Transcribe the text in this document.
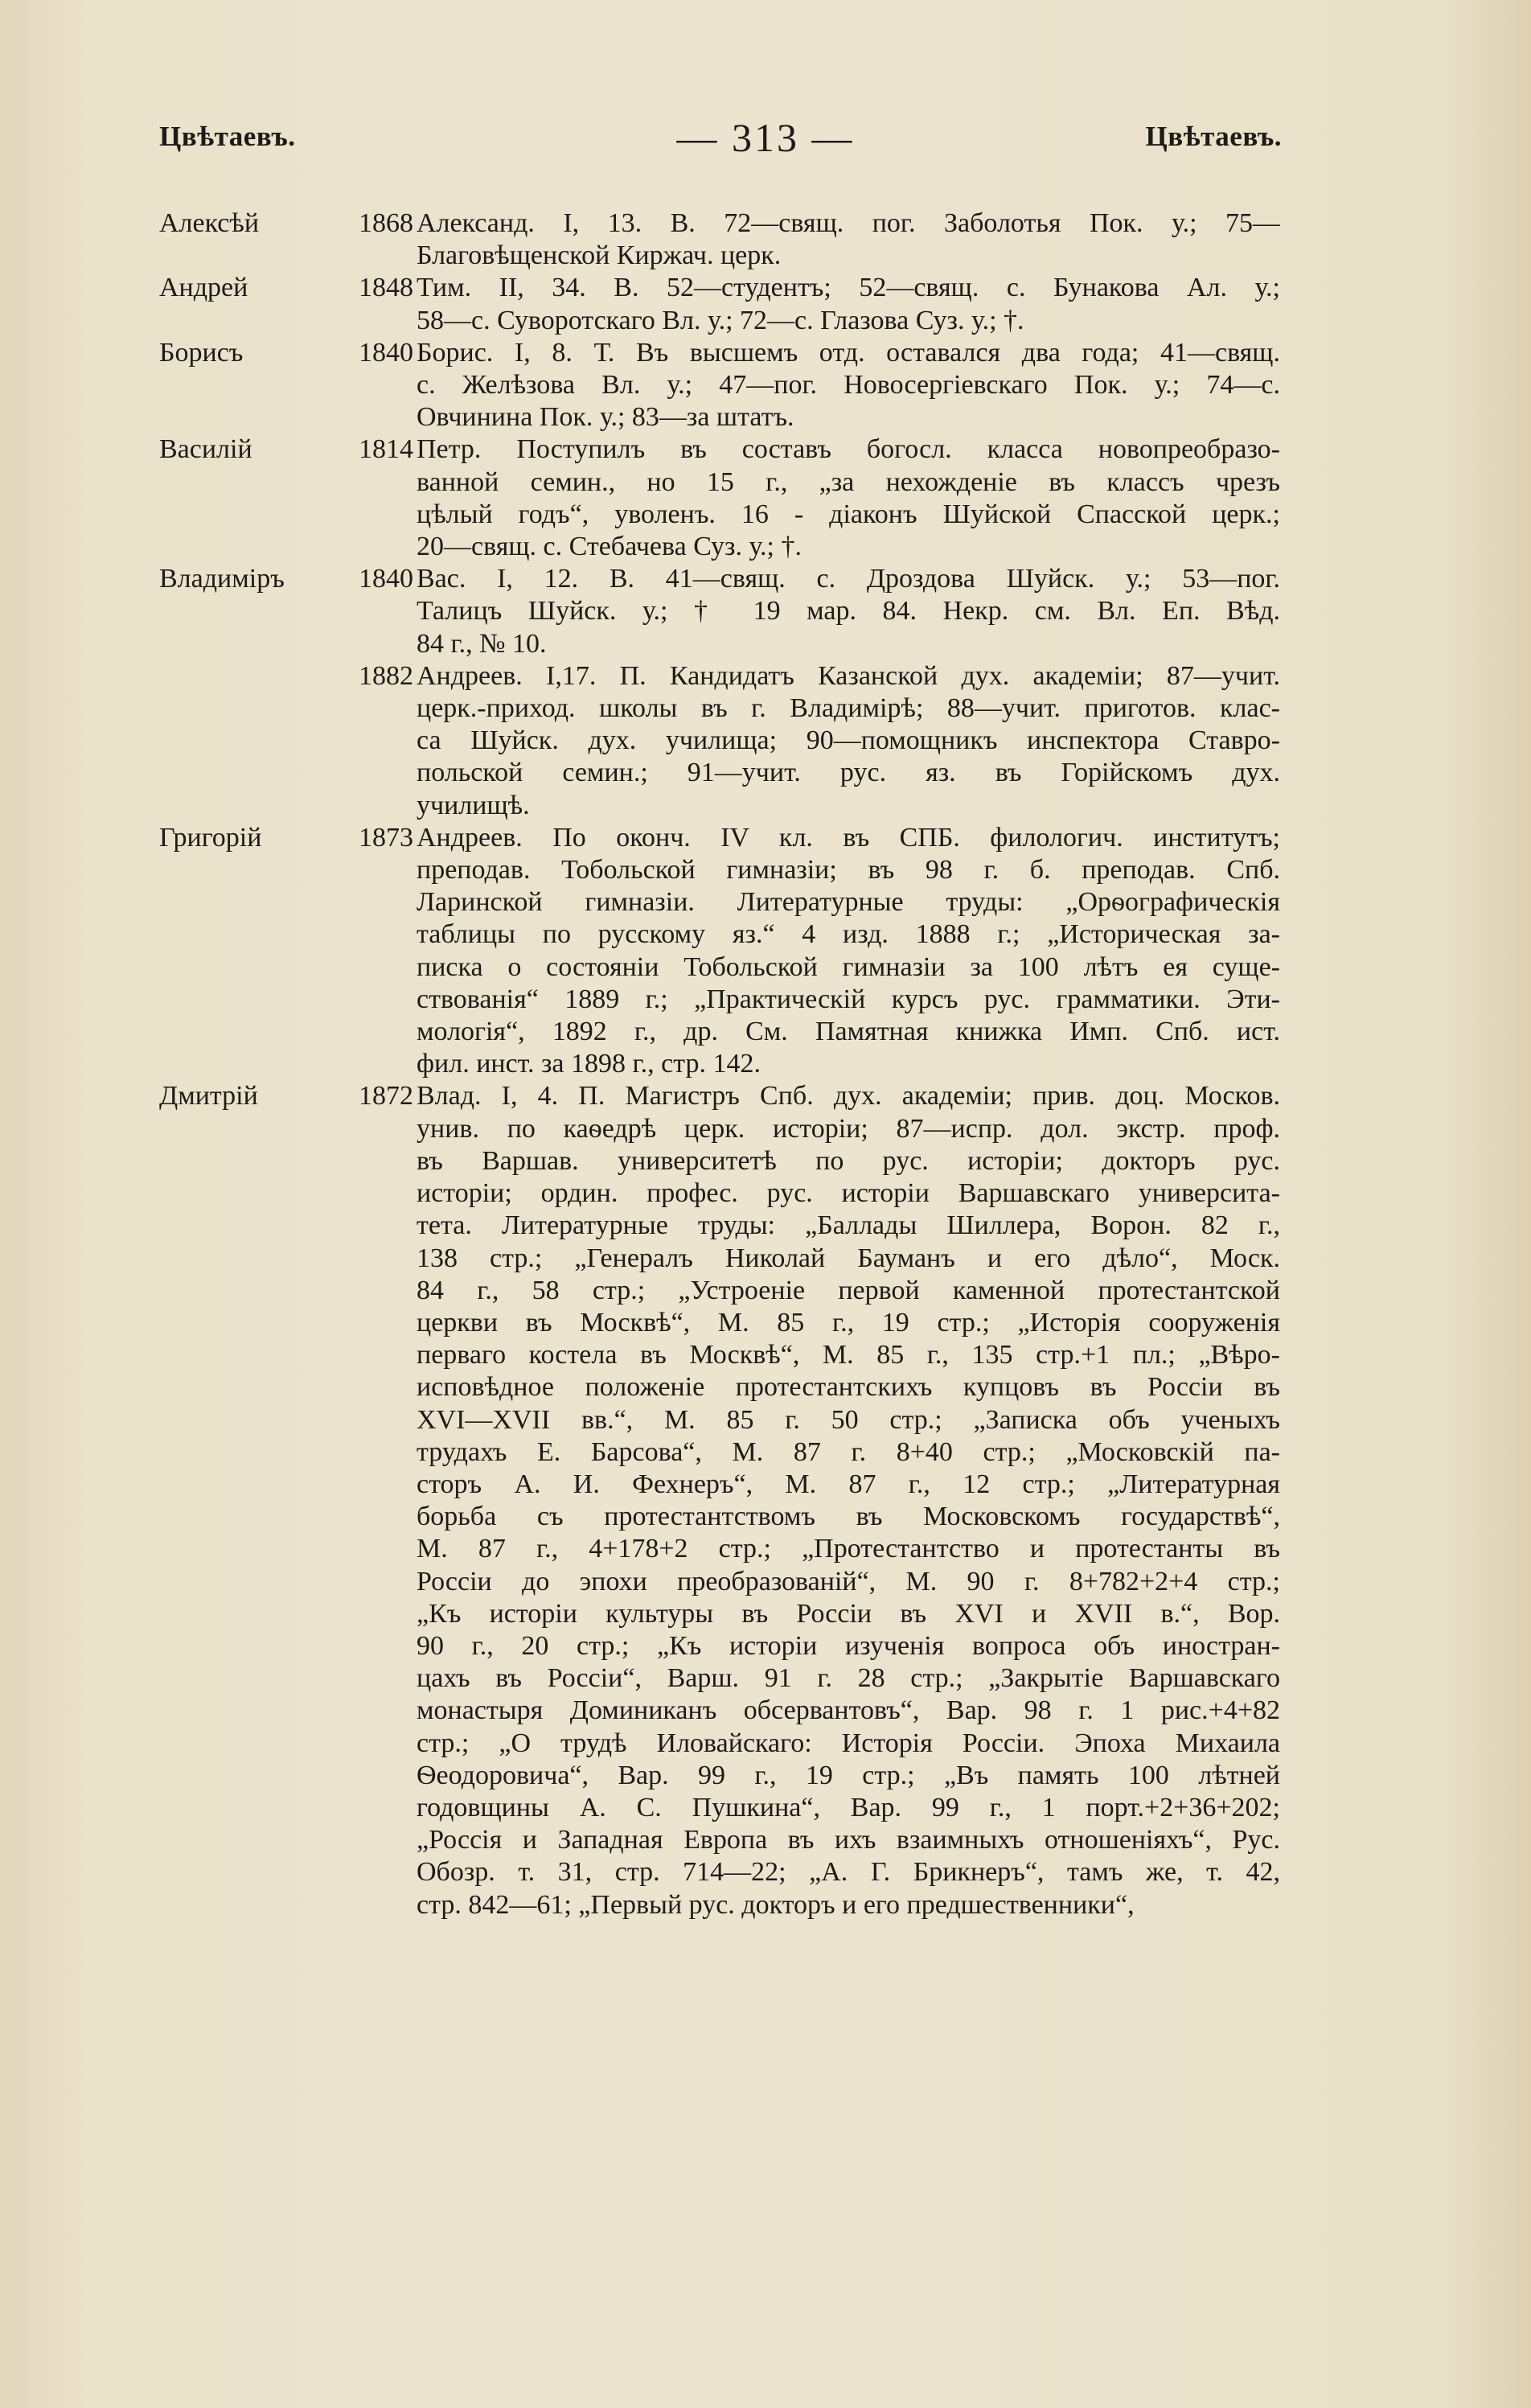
Цвѣтаевъ.	— 313 —	Цвѣтаевъ.
Алексѣй	1868 Александ. I, 13. В. 72—свящ. пог. Заболотья Пок. у.; 75—
Благовѣщенской Киржач. церк.
Андрей	1848 Тим. II, 34. В. 52—студентъ; 52—свящ. с. Бунакова Ал. у.;
58—с. Суворотскаго Вл. у.; 72—с. Глазова Суз. у.; †.
Борисъ	1840 Борис. I, 8. Т. Въ высшемъ отд. оставался два года; 41—свящ.
с. Желѣзова Вл. у.; 47—пог. Новосергіевскаго Пок. у.; 74—с.
Овчинина Пок. у.; 83—за штатъ.
Василій	1814 Петр. Поступилъ въ составъ богосл. класса новопреобразо-
ванной семин., но 15 г., „за нехожденіе въ классъ чрезъ
цѣлый годъ“, уволенъ. 16 - діаконъ Шуйской Спасской церк.;
20—свящ. с. Стебачева Суз. у.; †.
Владиміръ	1840 Вас. I, 12. В. 41—свящ. с. Дроздова Шуйск. у.; 53—пог.
Талицъ Шуйск. у.; † 19 мар. 84. Некр. см. Вл. Еп. Вѣд.
84 г., № 10.
1882 Андреев. I,17. П. Кандидатъ Казанской дух. академіи; 87—учит.
церк.-приход. школы въ г. Владимірѣ; 88—учит. приготов. клас-
са Шуйск. дух. училища; 90—помощникъ инспектора Ставро-
польской семин.; 91—учит. рус. яз. въ Горійскомъ дух.
училищѣ.
Григорій	1873 Андреев. По оконч. IV кл. въ СПБ. филологич. институтъ;
преподав. Тобольской гимназіи; въ 98 г. б. преподав. Спб.
Ларинской гимназіи. Литературные труды: „Орѳографическія
таблицы по русскому яз.“ 4 изд. 1888 г.; „Историческая за-
писка о состояніи Тобольской гимназіи за 100 лѣтъ ея суще-
ствованія“ 1889 г.; „Практическій курсъ рус. грамматики. Эти-
мологія“, 1892 г., др. См. Памятная книжка Имп. Спб. ист.
фил. инст. за 1898 г., стр. 142.
Дмитрій	1872 Влад. I, 4. П. Магистръ Спб. дух. академіи; прив. доц. Москов.
унив. по каѳедрѣ церк. исторіи; 87—испр. дол. экстр. проф.
въ Варшав. университетѣ по рус. исторіи; докторъ рус.
исторіи; ордин. профес. рус. исторіи Варшавскаго университа-
тета. Литературные труды: „Баллады Шиллера, Ворон. 82 г.,
138 стр.; „Генералъ Николай Бауманъ и его дѣло“, Моск.
84 г., 58 стр.; „Устроеніе первой каменной протестантской
церкви въ Москвѣ“, М. 85 г., 19 стр.; „Исторія сооруженія
перваго костела въ Москвѣ“, М. 85 г., 135 стр.+1 пл.; „Вѣро-
исповѣдное положеніе протестантскихъ купцовъ въ Россіи въ
XVI—XVII вв.“, М. 85 г. 50 стр.; „Записка объ ученыхъ
трудахъ Е. Барсова“, М. 87 г. 8+40 стр.; „Московскій па-
сторъ А. И. Фехнеръ“, М. 87 г., 12 стр.; „Литературная
борьба съ протестантствомъ въ Московскомъ государствѣ“,
М. 87 г., 4+178+2 стр.; „Протестантство и протестанты въ
Россіи до эпохи преобразованій“, М. 90 г. 8+782+2+4 стр.;
„Къ исторіи культуры въ Россіи въ XVI и XVII в.“, Вор.
90 г., 20 стр.; „Къ исторіи изученія вопроса объ иностран-
цахъ въ Россіи“, Варш. 91 г. 28 стр.; „Закрытіе Варшавскаго
монастыря Доминиканъ обсервантовъ“, Вар. 98 г. 1 рис.+4+82
стр.; „О трудѣ Иловайскаго: Исторія Россіи. Эпоха Михаила
Ѳеодоровича“, Вар. 99 г., 19 стр.; „Въ память 100 лѣтней
годовщины А. С. Пушкина“, Вар. 99 г., 1 порт.+2+36+202;
„Россія и Западная Европа въ ихъ взаимныхъ отношеніяхъ“, Рус.
Обозр. т. 31, стр. 714—22; „А. Г. Брикнеръ“, тамъ же, т. 42,
стр. 842—61; „Первый рус. докторъ и его предшественники“,
